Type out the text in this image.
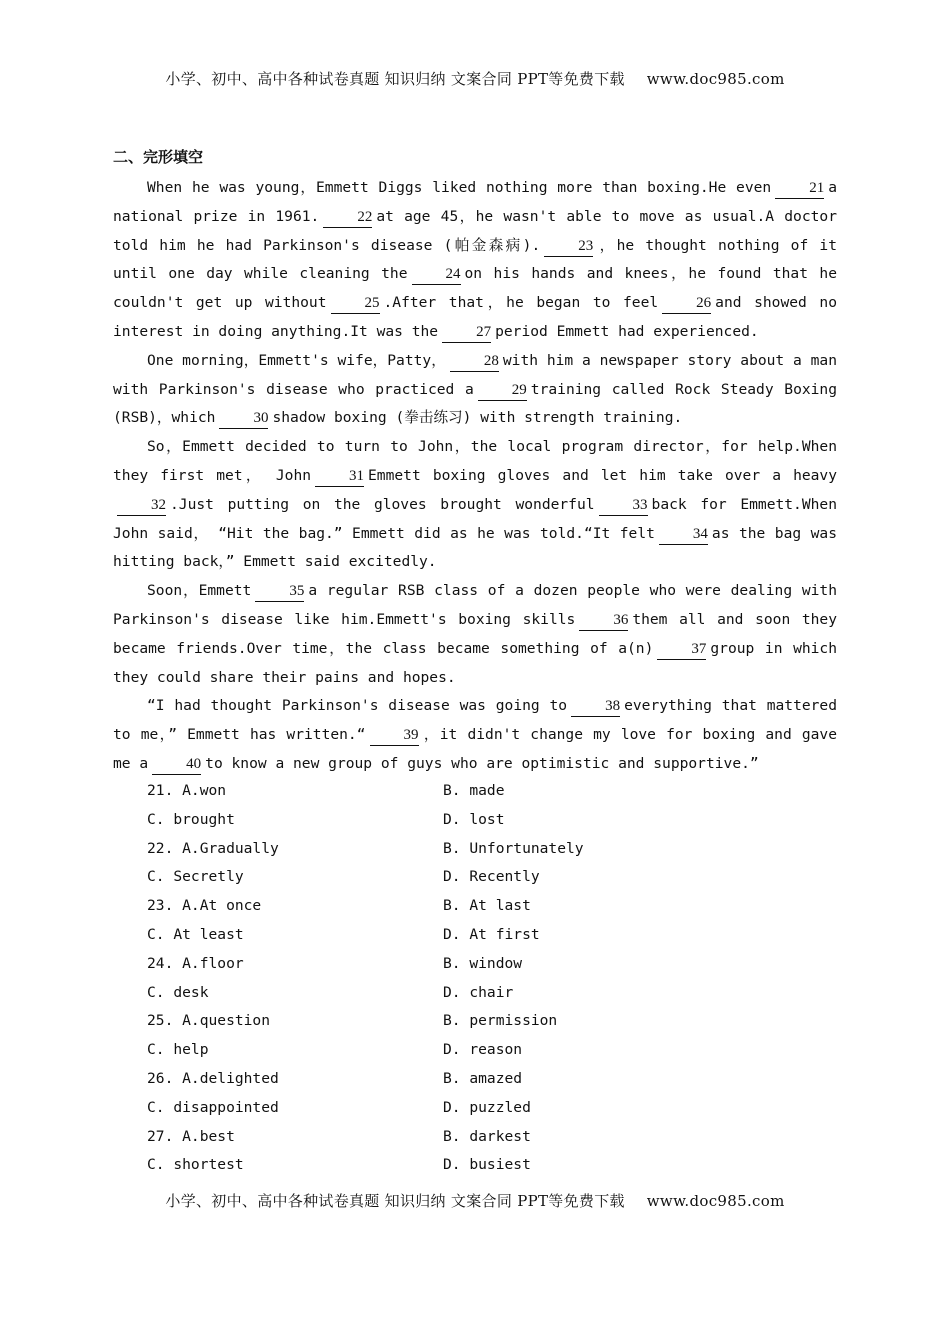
小学、初中、高中各种试卷真题 知识归纳 文案合同 PPT等免费下载 www.doc985.com
二、完形填空

When he was young，Emmett Diggs liked nothing more than boxing.He even	21 a national prize in 1961.	22 at age 45，he wasn't able to move as usual.A doctor told him he had Parkinson's disease (帕金森病).	23 ，he thought nothing of it until one day while cleaning the	24 on his hands and knees，he found that he couldn't get up without	25 .After that，he began to feel	26 and showed no interest in doing anything.It was the	27 period Emmett had experienced.

One morning，Emmett's wife，Patty，	28 with him a newspaper story about a man with Parkinson's disease who practiced a	29 training called Rock Steady Boxing (RSB)，which	30 shadow boxing (拳击练习) with strength training.

So，Emmett decided to turn to John，the local program director，for help.When they first met， John	31 Emmett boxing gloves and let him take over a heavy32 .Just putting on the gloves brought wonderful	33 back for Emmett.When John said， “Hit the bag.” Emmett did as he was told.“It felt	34 as the bag was hitting back，” Emmett said excitedly.

Soon，Emmett	35 a regular RSB class of a dozen people who were dealing with Parkinson's disease like him.Emmett's boxing skills	36 them all and soon they became friends.Over time，the class became something of a(n)	37 group in which they could share their pains and hopes.

“I had thought Parkinson's disease was going to	38 everything that mattered to me，” Emmett has written.“	39 ，it didn't change my love for boxing and gave me a	40 to know a new group of guys who are optimistic and supportive.”

21. A.won	B. made
C. brought	D. lost
22. A.Gradually	B. Unfortunately
C. Secretly	D. Recently
23. A.At once	B. At last
C. At least	D. At first
24. A.floor	B. window
C. desk	D. chair
25. A.question	B. permission
C. help	D. reason
26. A.delighted	B. amazed
C. disappointed	D. puzzled
27. A.best	B. darkest
C. shortest	D. busiest
小学、初中、高中各种试卷真题 知识归纳 文案合同 PPT等免费下载 www.doc985.com
